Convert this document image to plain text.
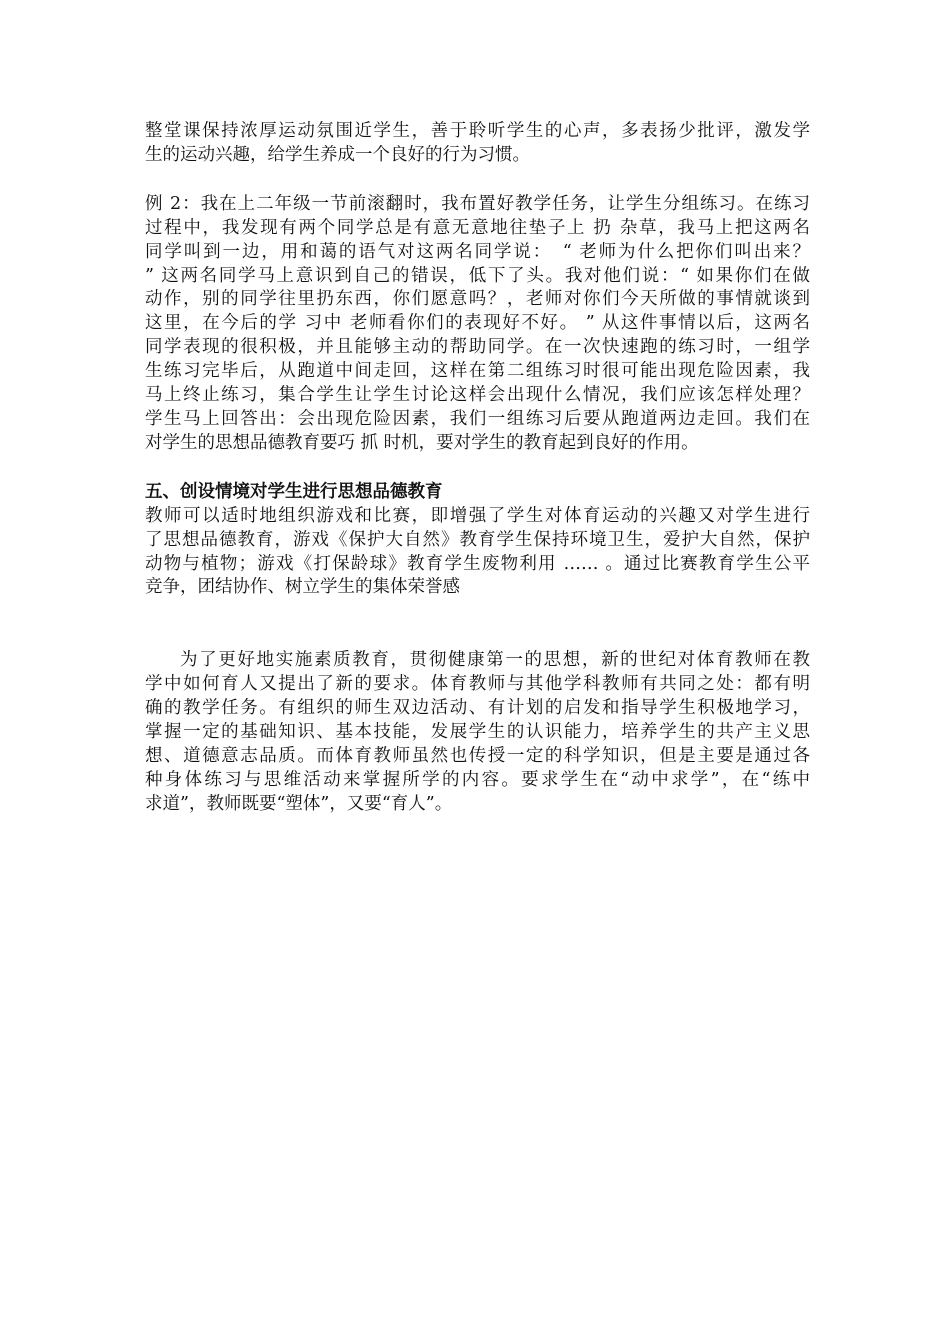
整堂课保持浓厚运动氛围近学生，善于聆听学生的心声，多表扬少批评，激发学
生的运动兴趣，给学生养成一个良好的行为习惯。

例 2：我在上二年级一节前滚翻时，我布置好教学任务，让学生分组练习。在练习
过程中，我发现有两个同学总是有意无意地往垫子上 扔 杂草，我马上把这两名
同学叫到一边，用和蔼的语气对这两名同学说：　“ 老师为什么把你们叫出来？
” 这两名同学马上意识到自己的错误，低下了头。我对他们说：“ 如果你们在做
动作，别的同学往里扔东西，你们愿意吗？，老师对你们今天所做的事情就谈到
这里，在今后的学 习中 老师看你们的表现好不好。 ” 从这件事情以后，这两名
同学表现的很积极，并且能够主动的帮助同学。在一次快速跑的练习时，一组学
生练习完毕后，从跑道中间走回，这样在第二组练习时很可能出现危险因素，我
马上终止练习，集合学生让学生讨论这样会出现什么情况，我们应该怎样处理？
学生马上回答出：会出现危险因素，我们一组练习后要从跑道两边走回。我们在
对学生的思想品德教育要巧 抓 时机，要对学生的教育起到良好的作用。

五、创设情境对学生进行思想品德教育

教师可以适时地组织游戏和比赛，即增强了学生对体育运动的兴趣又对学生进行
了思想品德教育，游戏《保护大自然》教育学生保持环境卫生，爱护大自然，保护
动物与植物；游戏《打保龄球》教育学生废物利用 …… 。通过比赛教育学生公平
竞争，团结协作、树立学生的集体荣誉感

为了更好地实施素质教育，贯彻健康第一的思想，新的世纪对体育教师在教
学中如何育人又提出了新的要求。体育教师与其他学科教师有共同之处：都有明
确的教学任务。有组织的师生双边活动、有计划的启发和指导学生积极地学习，
掌握一定的基础知识、基本技能，发展学生的认识能力，培养学生的共产主义思
想、道德意志品质。而体育教师虽然也传授一定的科学知识，但是主要是通过各
种身体练习与思维活动来掌握所学的内容。要求学生在“动中求学”，在“练中
求道”，教师既要“塑体”，又要“育人”。
